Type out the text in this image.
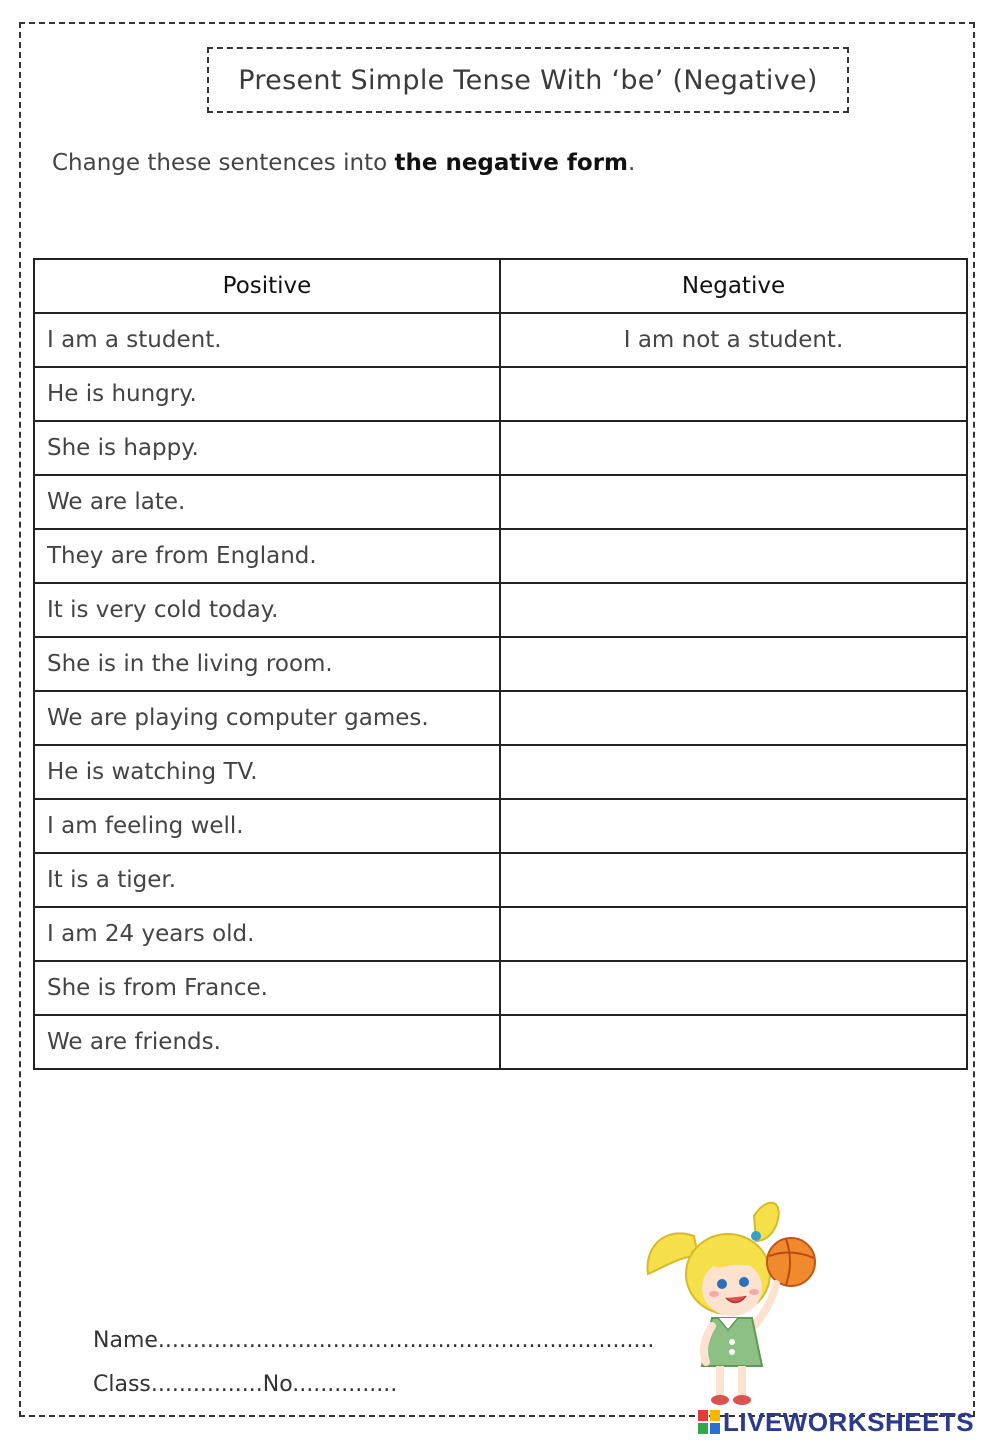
Present Simple Tense With ‘be’ (Negative)
Change these sentences into the negative form.
Positive	Negative
I am a student.	I am not a student.
He is hungry.	
She is happy.	
We are late.	
They are from England.	
It is very cold today.	
She is in the living room.	
We are playing computer games.	
He is watching TV.	
I am feeling well.	
It is a tiger.	
I am 24 years old.	
She is from France.	
We are friends.	
Name.......................................................................
Class................No...............
LIVEWORKSHEETS
